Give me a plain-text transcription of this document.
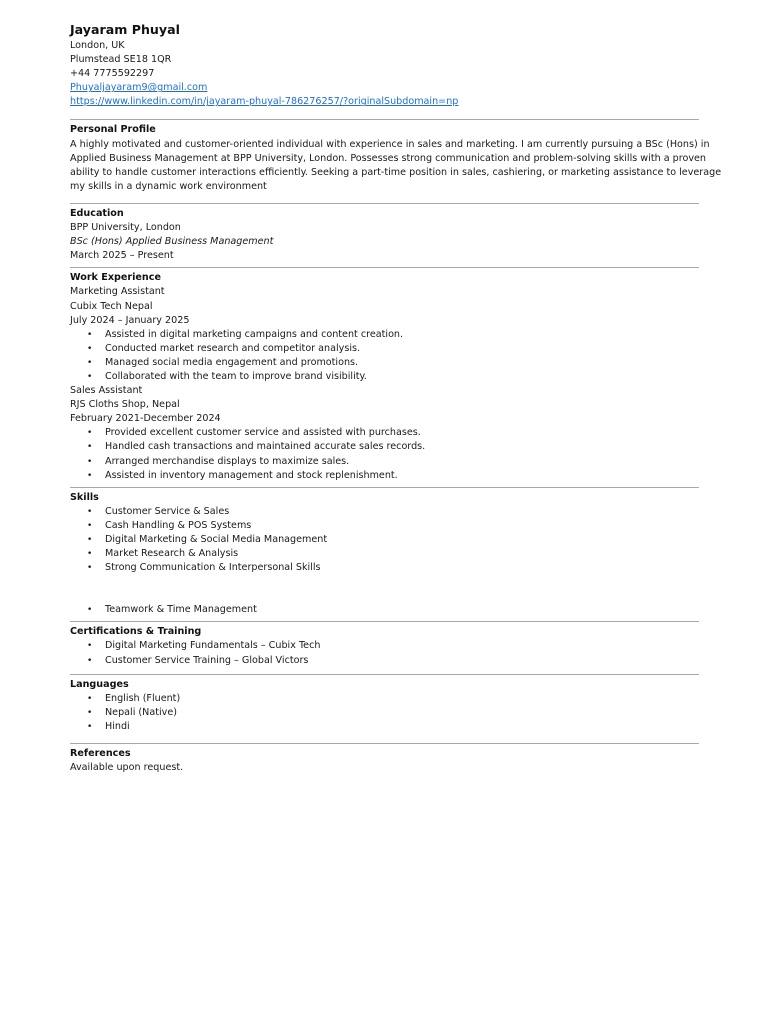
Jayaram Phuyal
London, UK
Plumstead SE18 1QR
+44 7775592297
Phuyaljayaram9@gmail.com
https://www.linkedin.com/in/jayaram-phuyal-786276257/?originalSubdomain=np
Personal Profile
A highly motivated and customer-oriented individual with experience in sales and marketing. I am currently pursuing a BSc (Hons) in
Applied Business Management at BPP University, London. Possesses strong communication and problem-solving skills with a proven
ability to handle customer interactions efficiently. Seeking a part-time position in sales, cashiering, or marketing assistance to leverage
my skills in a dynamic work environment
Education
BPP University, London
BSc (Hons) Applied Business Management
March 2025 – Present
Work Experience
Marketing Assistant
Cubix Tech Nepal
July 2024 – January 2025
• Assisted in digital marketing campaigns and content creation.
• Conducted market research and competitor analysis.
• Managed social media engagement and promotions.
• Collaborated with the team to improve brand visibility.
Sales Assistant
RJS Cloths Shop, Nepal
February 2021-December 2024
• Provided excellent customer service and assisted with purchases.
• Handled cash transactions and maintained accurate sales records.
• Arranged merchandise displays to maximize sales.
• Assisted in inventory management and stock replenishment.
Skills
• Customer Service & Sales
• Cash Handling & POS Systems
• Digital Marketing & Social Media Management
• Market Research & Analysis
• Strong Communication & Interpersonal Skills
• Teamwork & Time Management
Certifications & Training
• Digital Marketing Fundamentals – Cubix Tech
• Customer Service Training – Global Victors
Languages
• English (Fluent)
• Nepali (Native)
• Hindi
References
Available upon request.
